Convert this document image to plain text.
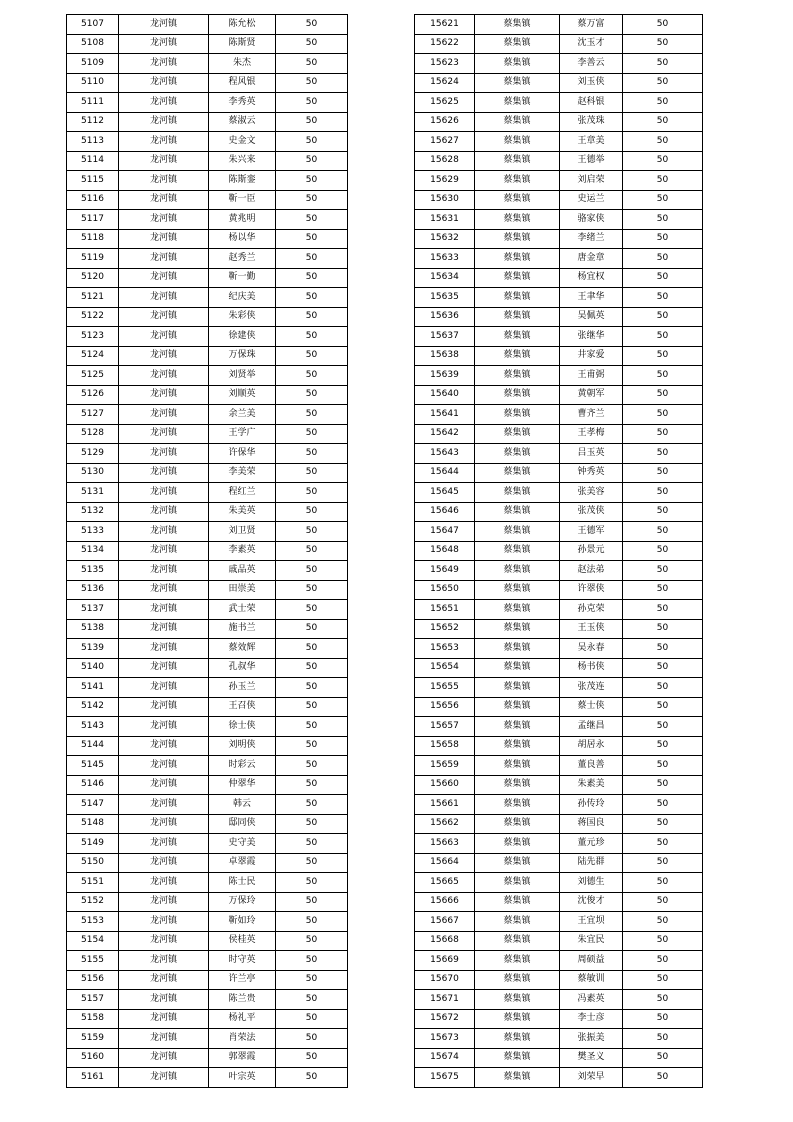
5107	龙河镇	陈允松	50
5108	龙河镇	陈斯贤	50
5109	龙河镇	朱杰	50
5110	龙河镇	程风银	50
5111	龙河镇	李秀英	50
5112	龙河镇	蔡淑云	50
5113	龙河镇	史金文	50
5114	龙河镇	朱兴来	50
5115	龙河镇	陈斯銮	50
5116	龙河镇	靳一臣	50
5117	龙河镇	黄兆明	50
5118	龙河镇	杨以华	50
5119	龙河镇	赵秀兰	50
5120	龙河镇	靳一勤	50
5121	龙河镇	纪庆美	50
5122	龙河镇	朱彩侠	50
5123	龙河镇	徐建侠	50
5124	龙河镇	万保珠	50
5125	龙河镇	刘贤举	50
5126	龙河镇	刘顺英	50
5127	龙河镇	余兰美	50
5128	龙河镇	王学广	50
5129	龙河镇	许保华	50
5130	龙河镇	李美荣	50
5131	龙河镇	程红兰	50
5132	龙河镇	朱美英	50
5133	龙河镇	刘卫贤	50
5134	龙河镇	李素英	50
5135	龙河镇	戚品英	50
5136	龙河镇	田崇美	50
5137	龙河镇	武士荣	50
5138	龙河镇	施书兰	50
5139	龙河镇	蔡效辉	50
5140	龙河镇	孔叔华	50
5141	龙河镇	孙玉兰	50
5142	龙河镇	王召侠	50
5143	龙河镇	徐士侠	50
5144	龙河镇	刘明侠	50
5145	龙河镇	时彩云	50
5146	龙河镇	仲翠华	50
5147	龙河镇	韩云	50
5148	龙河镇	邸同侠	50
5149	龙河镇	史守美	50
5150	龙河镇	卓翠霞	50
5151	龙河镇	陈士民	50
5152	龙河镇	万保玲	50
5153	龙河镇	靳如玲	50
5154	龙河镇	侯桂英	50
5155	龙河镇	时守英	50
5156	龙河镇	许兰亭	50
5157	龙河镇	陈兰贵	50
5158	龙河镇	杨礼平	50
5159	龙河镇	肖荣法	50
5160	龙河镇	郭翠霞	50
5161	龙河镇	叶宗英	50
15621	蔡集镇	蔡万富	50
15622	蔡集镇	沈玉才	50
15623	蔡集镇	李善云	50
15624	蔡集镇	刘玉侠	50
15625	蔡集镇	赵科银	50
15626	蔡集镇	张茂珠	50
15627	蔡集镇	王章美	50
15628	蔡集镇	王德举	50
15629	蔡集镇	刘启荣	50
15630	蔡集镇	史运兰	50
15631	蔡集镇	骆家侠	50
15632	蔡集镇	李绪兰	50
15633	蔡集镇	唐金章	50
15634	蔡集镇	杨宜权	50
15635	蔡集镇	王聿华	50
15636	蔡集镇	吴佩英	50
15637	蔡集镇	张继华	50
15638	蔡集镇	井家爱	50
15639	蔡集镇	王甫弼	50
15640	蔡集镇	黄朝军	50
15641	蔡集镇	曹齐兰	50
15642	蔡集镇	王孝梅	50
15643	蔡集镇	吕玉英	50
15644	蔡集镇	钟秀英	50
15645	蔡集镇	张美容	50
15646	蔡集镇	张茂侠	50
15647	蔡集镇	王德军	50
15648	蔡集镇	孙景元	50
15649	蔡集镇	赵法弟	50
15650	蔡集镇	许翠侠	50
15651	蔡集镇	孙克荣	50
15652	蔡集镇	王玉侠	50
15653	蔡集镇	吴永春	50
15654	蔡集镇	杨书侠	50
15655	蔡集镇	张茂连	50
15656	蔡集镇	蔡士侠	50
15657	蔡集镇	孟继昌	50
15658	蔡集镇	胡居永	50
15659	蔡集镇	董良善	50
15660	蔡集镇	朱素美	50
15661	蔡集镇	孙传玲	50
15662	蔡集镇	蒋国良	50
15663	蔡集镇	董元珍	50
15664	蔡集镇	陆先群	50
15665	蔡集镇	刘德生	50
15666	蔡集镇	沈俊才	50
15667	蔡集镇	王宜坝	50
15668	蔡集镇	朱宜民	50
15669	蔡集镇	周硕益	50
15670	蔡集镇	蔡敏训	50
15671	蔡集镇	冯素英	50
15672	蔡集镇	李士彦	50
15673	蔡集镇	张振美	50
15674	蔡集镇	樊圣义	50
15675	蔡集镇	刘荣早	50
